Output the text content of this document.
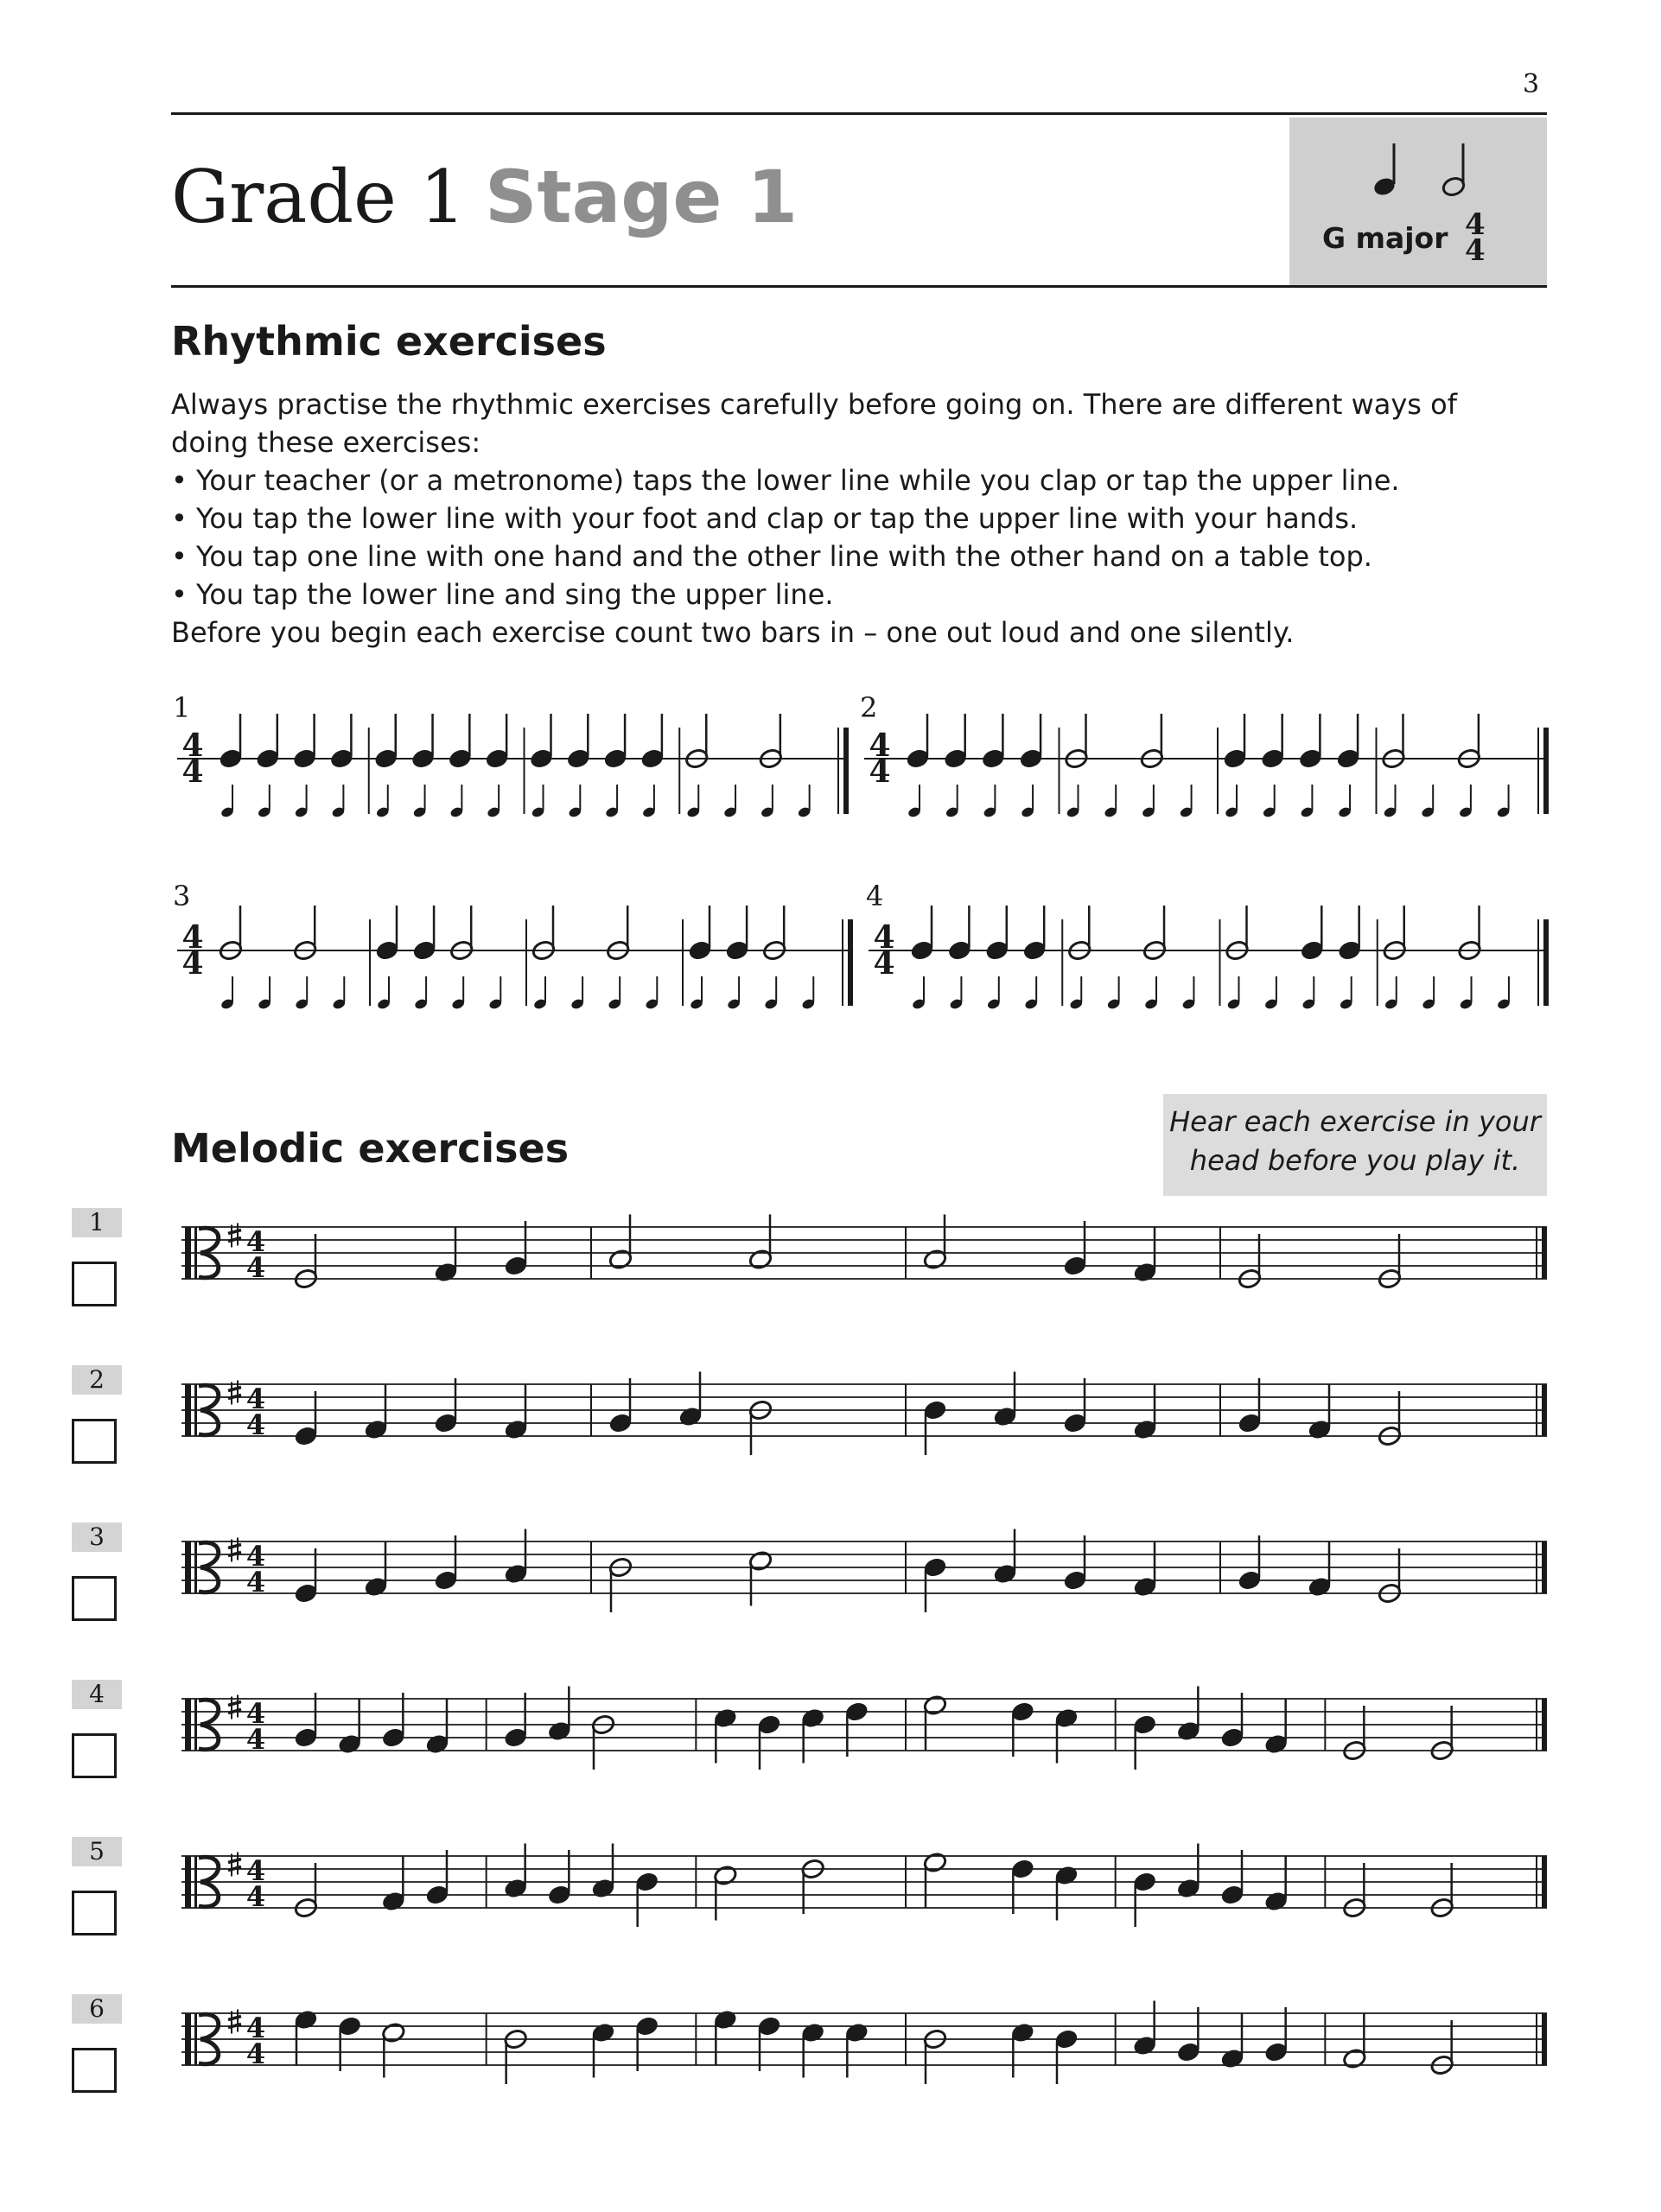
3
Grade 1 Stage 1	G major 4
4
Rhythmic exercises

Always practise the rhythmic exercises carefully before going on. There are different ways of doing these exercises:

• Your teacher (or a metronome) taps the lower line while you clap or tap the upper line.

• You tap the lower line with your foot and clap or tap the upper line with your hands.

• You tap one line with one hand and the other line with the other hand on a table top.

• You tap the lower line and sing the upper line.

Before you begin each exercise count two bars in – one out loud and one silently.

1	2
3	4
Melodic exercises
Hear each exercise in your
head before you play it.
1
2
3
4
5
6
4
4
4
4
4
4
4
4
4
4
4
4
4
4
4
4
4
4
4
4
